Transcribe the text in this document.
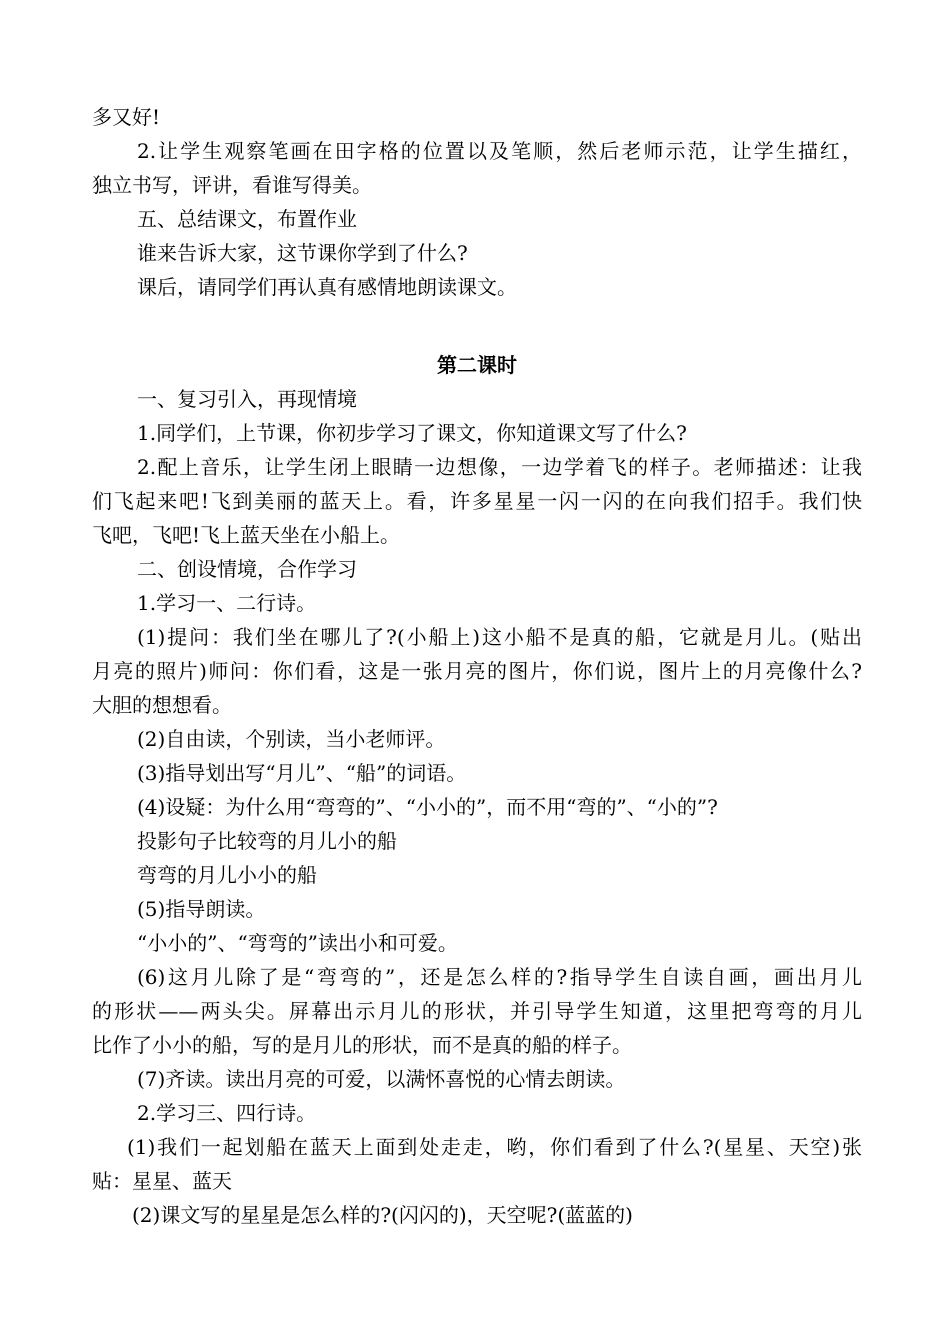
多又好!
2.让学生观察笔画在田字格的位置以及笔顺，然后老师示范，让学生描红，
独立书写，评讲，看谁写得美。
五、总结课文，布置作业
谁来告诉大家，这节课你学到了什么?
课后，请同学们再认真有感情地朗读课文。
第二课时
一、复习引入，再现情境
1.同学们，上节课，你初步学习了课文，你知道课文写了什么?
2.配上音乐，让学生闭上眼睛一边想像，一边学着飞的样子。老师描述：让我
们飞起来吧!飞到美丽的蓝天上。看，许多星星一闪一闪的在向我们招手。我们快
飞吧，飞吧!飞上蓝天坐在小船上。
二、创设情境，合作学习
1.学习一、二行诗。
(1)提问：我们坐在哪儿了?(小船上)这小船不是真的船，它就是月儿。(贴出
月亮的照片)师问：你们看，这是一张月亮的图片，你们说，图片上的月亮像什么?
大胆的想想看。
(2)自由读，个别读，当小老师评。
(3)指导划出写“月儿”、“船”的词语。
(4)设疑：为什么用“弯弯的”、“小小的”，而不用“弯的”、“小的”?
投影句子比较弯的月儿小的船
弯弯的月儿小小的船
(5)指导朗读。
“小小的”、“弯弯的”读出小和可爱。
(6)这月儿除了是“弯弯的”，还是怎么样的?指导学生自读自画，画出月儿
的形状——两头尖。屏幕出示月儿的形状，并引导学生知道，这里把弯弯的月儿
比作了小小的船，写的是月儿的形状，而不是真的船的样子。
(7)齐读。读出月亮的可爱，以满怀喜悦的心情去朗读。
2.学习三、四行诗。
(1)我们一起划船在蓝天上面到处走走，哟，你们看到了什么?(星星、天空)张
贴：星星、蓝天
(2)课文写的星星是怎么样的?(闪闪的)，天空呢?(蓝蓝的)
